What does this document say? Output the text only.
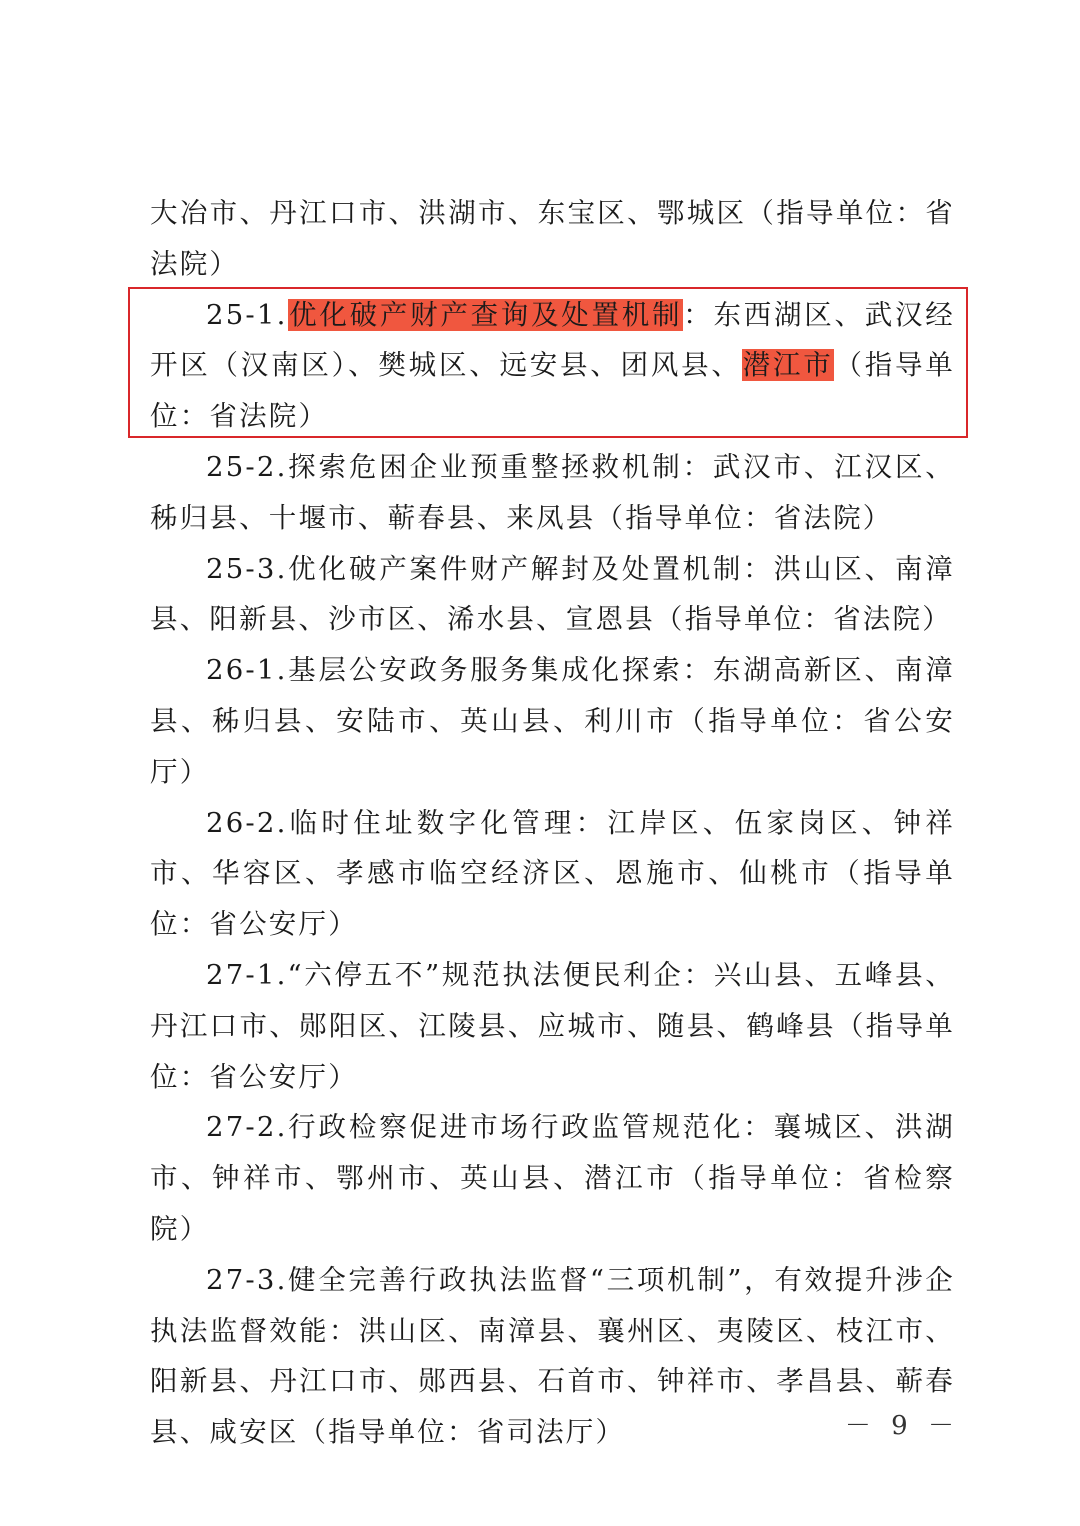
大冶市、丹江口市、洪湖市、东宝区、鄂城区（指导单位：省法院）

25-1.优化破产财产查询及处置机制：东西湖区、武汉经开区（汉南区）、樊城区、远安县、团风县、潜江市（指导单位：省法院）

25-2.探索危困企业预重整拯救机制：武汉市、江汉区、秭归县、十堰市、蕲春县、来凤县（指导单位：省法院）

25-3.优化破产案件财产解封及处置机制：洪山区、南漳县、阳新县、沙市区、浠水县、宣恩县（指导单位：省法院）

26-1.基层公安政务服务集成化探索：东湖高新区、南漳县、秭归县、安陆市、英山县、利川市（指导单位：省公安厅）

26-2.临时住址数字化管理：江岸区、伍家岗区、钟祥市、华容区、孝感市临空经济区、恩施市、仙桃市（指导单位：省公安厅）

27-1.“六停五不”规范执法便民利企：兴山县、五峰县、丹江口市、郧阳区、江陵县、应城市、随县、鹤峰县（指导单位：省公安厅）

27-2.行政检察促进市场行政监管规范化：襄城区、洪湖市、钟祥市、鄂州市、英山县、潜江市（指导单位：省检察院）

27-3.健全完善行政执法监督“三项机制”，有效提升涉企执法监督效能：洪山区、南漳县、襄州区、夷陵区、枝江市、阳新县、丹江口市、郧西县、石首市、钟祥市、孝昌县、蕲春县、咸安区（指导单位：省司法厅）	－ 9 －
